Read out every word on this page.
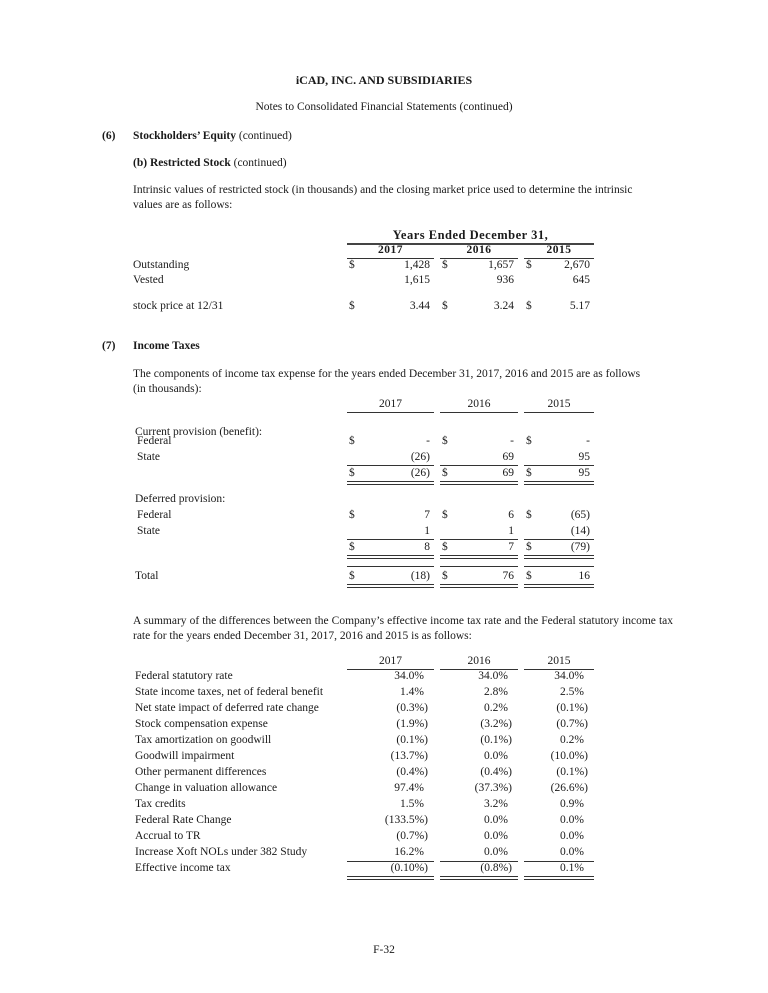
iCAD, INC. AND SUBSIDIARIES
Notes to Consolidated Financial Statements (continued)
(6) Stockholders’ Equity (continued)
(b) Restricted Stock (continued)
Intrinsic values of restricted stock (in thousands) and the closing market price used to determine the intrinsic values are as follows:
Years Ended December 31,
2017	2016	2015
Outstanding	$	1,428 $	1,657 $	2,670
Vested	1,615	936	645
stock price at 12/31	$	3.44 $	3.24 $	5.17
(7) Income Taxes
The components of income tax expense for the years ended December 31, 2017, 2016 and 2015 are as follows (in thousands):
2017	2016	2015
Current provision (benefit):
Federal	$	- $	- $	-
State	(26)	69	95
$	(26) $	69 $	95
Deferred provision:
Federal	$	7 $	6 $	(65)
State	1	1	(14)
$	8 $	7 $	(79)
Total	$	(18) $	76 $	16
A summary of the differences between the Company’s effective income tax rate and the Federal statutory income tax rate for the years ended December 31, 2017, 2016 and 2015 is as follows:
2017	2016	2015
Federal statutory rate	34.0%	34.0%	34.0%
State income taxes, net of federal benefit	1.4%	2.8%	2.5%
Net state impact of deferred rate change	(0.3%)	0.2%	(0.1%)
Stock compensation expense	(1.9%)	(3.2%)	(0.7%)
Tax amortization on goodwill	(0.1%)	(0.1%)	0.2%
Goodwill impairment	(13.7%)	0.0%	(10.0%)
Other permanent differences	(0.4%)	(0.4%)	(0.1%)
Change in valuation allowance	97.4%	(37.3%)	(26.6%)
Tax credits	1.5%	3.2%	0.9%
Federal Rate Change	(133.5%)	0.0%	0.0%
Accrual to TR	(0.7%)	0.0%	0.0%
Increase Xoft NOLs under 382 Study	16.2%	0.0%	0.0%
Effective income tax	(0.10%)	(0.8%)	0.1%
F-32
